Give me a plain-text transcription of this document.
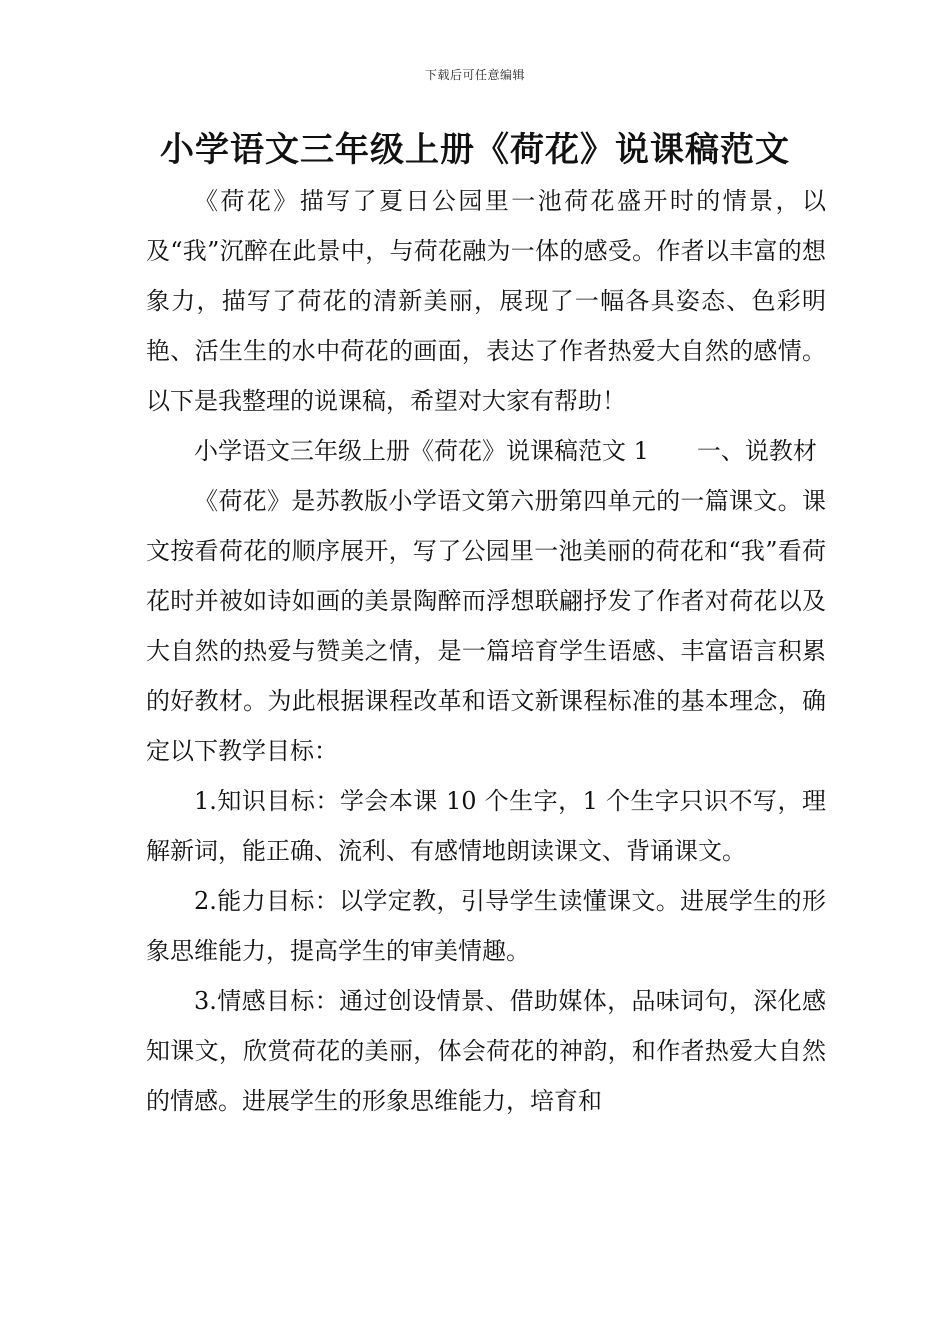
下载后可任意编辑
小学语文三年级上册《荷花》说课稿范文

《荷花》描写了夏日公园里一池荷花盛开时的情景，以及“我”沉醉在此景中，与荷花融为一体的感受。作者以丰富的想象力，描写了荷花的清新美丽，展现了一幅各具姿态、色彩明艳、活生生的水中荷花的画面，表达了作者热爱大自然的感情。以下是我整理的说课稿，希望对大家有帮助！

小学语文三年级上册《荷花》说课稿范文 1　　一、说教材

《荷花》是苏教版小学语文第六册第四单元的一篇课文。课文按看荷花的顺序展开，写了公园里一池美丽的荷花和“我”看荷花时并被如诗如画的美景陶醉而浮想联翩抒发了作者对荷花以及大自然的热爱与赞美之情，是一篇培育学生语感、丰富语言积累的好教材。为此根据课程改革和语文新课程标准的基本理念，确定以下教学目标：

1.知识目标：学会本课 10 个生字，1 个生字只识不写，理解新词，能正确、流利、有感情地朗读课文、背诵课文。

2.能力目标：以学定教，引导学生读懂课文。进展学生的形象思维能力，提高学生的审美情趣。

3.情感目标：通过创设情景、借助媒体，品味词句，深化感知课文，欣赏荷花的美丽，体会荷花的神韵，和作者热爱大自然的情感。进展学生的形象思维能力，培育和
